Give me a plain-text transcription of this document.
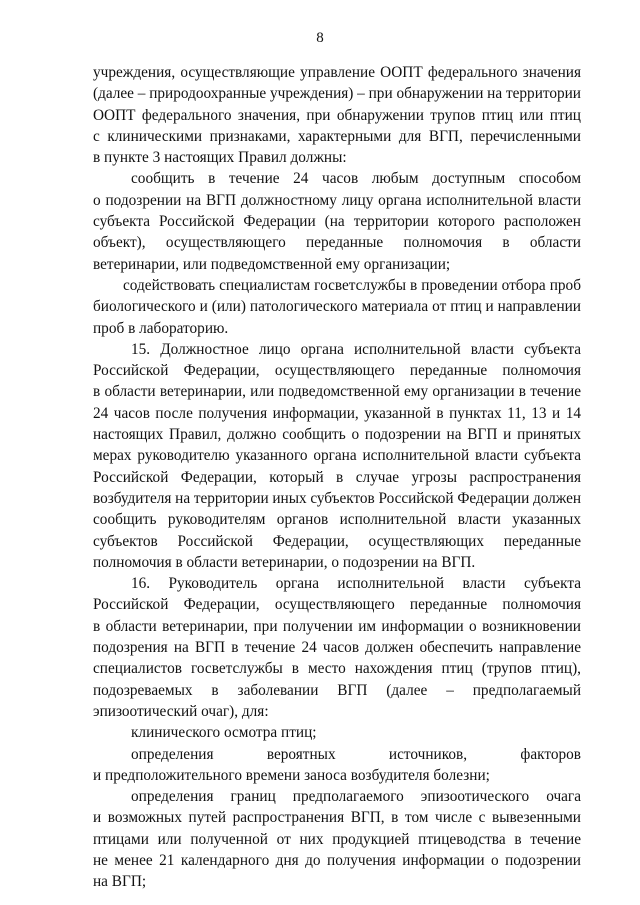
8
учреждения, осуществляющие управление ООПТ федерального значения
(далее – природоохранные учреждения) – при обнаружении на территории
ООПТ федерального значения, при обнаружении трупов птиц или птиц
с клиническими признаками, характерными для ВГП, перечисленными
в пункте 3 настоящих Правил должны:
сообщить в течение 24 часов любым доступным способом
о подозрении на ВГП должностному лицу органа исполнительной власти
субъекта Российской Федерации (на территории которого расположен
объект), осуществляющего переданные полномочия в области
ветеринарии, или подведомственной ему организации;
содействовать специалистам госветслужбы в проведении отбора проб
биологического и (или) патологического материала от птиц и направлении
проб в лабораторию.
15. Должностное лицо органа исполнительной власти субъекта
Российской Федерации, осуществляющего переданные полномочия
в области ветеринарии, или подведомственной ему организации в течение
24 часов после получения информации, указанной в пунктах 11, 13 и 14
настоящих Правил, должно сообщить о подозрении на ВГП и принятых
мерах руководителю указанного органа исполнительной власти субъекта
Российской Федерации, который в случае угрозы распространения
возбудителя на территории иных субъектов Российской Федерации должен
сообщить руководителям органов исполнительной власти указанных
субъектов Российской Федерации, осуществляющих переданные
полномочия в области ветеринарии, о подозрении на ВГП.
16. Руководитель органа исполнительной власти субъекта
Российской Федерации, осуществляющего переданные полномочия
в области ветеринарии, при получении им информации о возникновении
подозрения на ВГП в течение 24 часов должен обеспечить направление
специалистов госветслужбы в место нахождения птиц (трупов птиц),
подозреваемых в заболевании ВГП (далее – предполагаемый
эпизоотический очаг), для:
клинического осмотра птиц;
определения вероятных источников, факторов
и предположительного времени заноса возбудителя болезни;
определения границ предполагаемого эпизоотического очага
и возможных путей распространения ВГП, в том числе с вывезенными
птицами или полученной от них продукцией птицеводства в течение
не менее 21 календарного дня до получения информации о подозрении
на ВГП;
